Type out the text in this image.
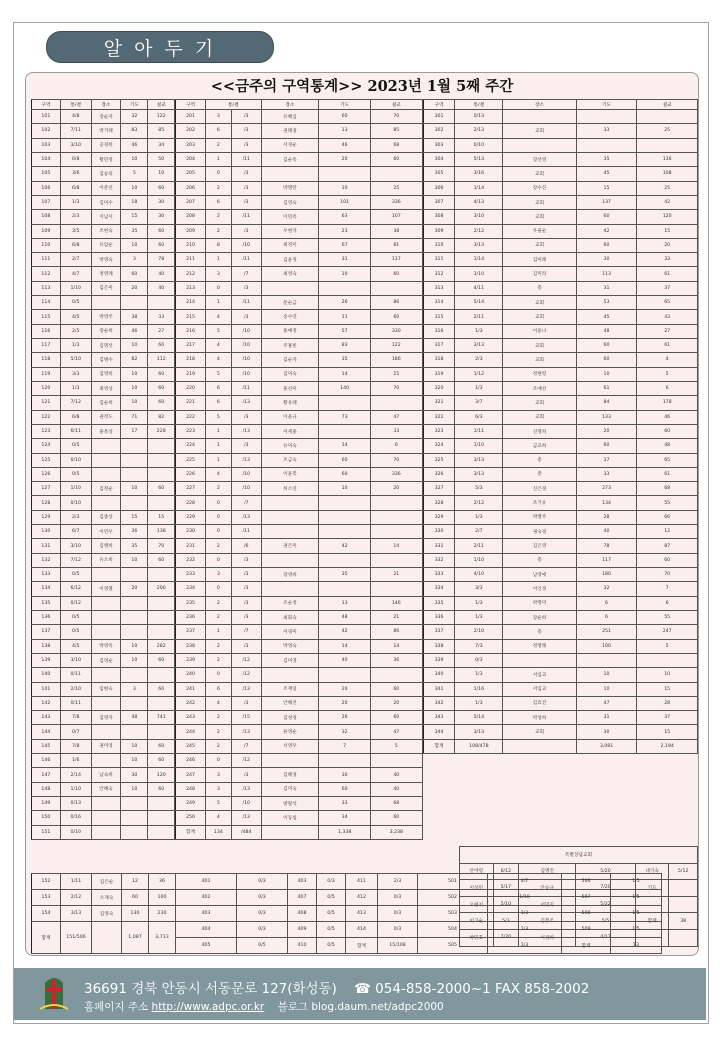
알 아 두 기
<<금주의 구역통계>> 2023년 1월 5째 주간
구역	통/결	장소	기도	설교
101	4/8	장순자	32	122
102	7/11	박기태	83	85
103	3/10	공경희	46	34
104	6/8	황민정	10	50
105	3/6	김승의	5	10
106	6/8	이춘선	10	60
107	1/3	김미수	18	30
108	2/3	이남서	15	30
109	3/5	조현숙	35	60
110	6/8	유임순	10	60
111	2/7	박영숙	3	78
112	4/7	정영례	60	40
113	1/10	김은미	20	40
114	0/5			
115	4/5	박영주	38	33
116	2/5	장순희	46	27
117	1/3	김명선	10	60
118	5/10	김병수	82	112
119	3/3	김영희	10	60
120	1/3	최영상	10	60
121	7/12	김순희	10	60
122	6/8	권정도	71	82
123	6/11	홍옥상	17	228
124	0/5			
125	0/10			
126	0/5			
127	1/10	김정순	10	60
128	0/10			
129	2/3	김종상	15	15
130	6/7	이민우	36	138
131	3/10	김병희	35	70
132	7/12	유오희	10	60
133	0/5			
134	6/12	이영철	20	200
135	0/12			
136	0/5			
137	0/5			
138	4/5	박영옥	10	282
139	3/10	김영순	10	60
140	0/11			
141	2/10	임현숙	3	60
142	0/11			
143	7/8	김영자	48	741
144	0/7			
145	7/8	권미영	10	60
146	1/6		10	60
147	2/14	남숙희	30	120
148	1/10	안혜숙	10	60
149	0/13			
150	0/16			
151	0/10			
구역	통/결		장소	기도	설교
201	3	/3	유혜심	60	70
202	6	/3	권태경	13	85
203	2	/3	서경순	46	68
204	1	/11	김순옥	20	60
205	0	/3			
206	2	/3	박명란	10	25
207	6	/3	김영숙	101	336
208	2	/11	이민옥	63	107
209	2	/3	우현자	23	38
210	8	/10	최정미	67	81
211	1	/11	김윤정	31	117
212	3	/7	최영숙	10	60
213	0	/3			
214	1	/11	문순금	26	86
215	4	/3	송수연	11	60
216	5	/10	홍예정	57	330
217	4	/10	주홍빈	83	122
218	4	/10	김순자	35	186
219	5	/10	김미숙	14	15
220	6	/11	홍선미	140	70
221	6	/13	황유례		
222	5	/3	이윤규	73	47
223	1	/13	이세홍		33
224	1	/3	유미숙	14	6
225	1	/13	조금숙	60	70
226	4	/10	이윤복	60	336
227	2	/10	허소연	10	20
228	0	/7			
229	0	/13			
230	0	/11			
231	2	/6	권은미	42	14
232	0	/3			
233	3	/3	장영희	35	21
234	0	/3			
235	2	/3	조순정	13	146
236	2	/3	최화숙	48	21
237	1	/7	이경미	42	86
238	2	/3	박영숙	14	14
239	2	/12	김미영	40	36
240	0	/12			
241	6	/13	조재일	20	60
242	4	/3	안혜진	20	20
243	2	/15	김성경	26	60
244	2	/13	류영순	32	47
245	2	/7	서영우	7	5
246	0	/12			
247	3	/3	김혜경	30	40
248	3	/13	김미숙	60	40
249	5	/10	방말석	33	68
250	4	/13	이동섭	34	60
합계	134	/484		1,338	3,238
구역	통/결	장소	기도	설교
301	0/13			
302	2/13	교회	33	25
303	0/10			
304	5/13	장선영	35	136
305	3/16	교회	45	108
306	1/14	장수진	15	25
307	4/13	교회	137	42
308	3/10	교회	60	120
309	2/12	우필순	42	15
310	3/13	교회	60	20
311	1/14	김미례	30	33
312	1/10	김미라	113	61
313	4/11	총	31	37
314	5/14	교회	53	65
315	2/11	교회	45	43
316	1/3	이윤나	48	27
317	3/13	교회	60	61
318	2/3	교회	60	4
319	1/12	정현령	10	5
320	1/3	조예선	61	6
321	3/7	교회	84	178
322	6/3	교회	133	46
323	1/11	신명희	20	60
324	1/10	금교희	60	48
325	3/13	총	37	65
326	3/13	총	33	61
327	5/3	신은경	273	68
328	2/12	조기유	134	55
329	1/3	박명주	28	66
330	2/7	권숙경	40	12
331	2/11	김은영	78	87
332	1/10	총	117	60
333	4/10	남영애	180	70
334	3/3	이인경	32	7
335	1/3	박명미	6	6
336	1/3	장순희	6	55
337	2/10	총	251	247
338	7/3	정명례	100	5
339	0/3			
340	1/3	서임교	10	10
341	1/16	서임교	10	15
342	1/3	김효진	47	28
343	5/14	박성희	31	37
344	3/13	교회	30	15
합계	108/478		3,081	2,194
특별상담교회					
안어령	6/12	김병진	5/20	대기숙	5/12
이성민	5/17	안승규	7/20	기도	
오현지	5/10	서민지	5/22		
이고순	5/3	김봉조	5/5	합계	38
박민호	7/20	이경희	4/12		
152	1/11	김은순	12	36	401	0/3	403	0/3	411	2/3	501	4/7	506	1/5
153	2/12	오재숙	60	100	402	0/3	407	0/5	412	0/3	502	1/10	507	1/5
154	3/13	김영숙	130	230	403	0/3	408	0/5	413	0/3	503	1/3	508	1/5
합계	151/506		1,087	3,713	404	0/3	409	0/5	414	0/3	504	1/3	509	1/5
					405	0/5	410	0/5	합계	15/108	505	1/3	합계	13
36691 경북 안동시 서동문로 127(화성동) ☎ 054-858-2000~1 FAX 858-2002
홈페이지 주소 http://www.adpc.or.kr 블로그 blog.daum.net/adpc2000
